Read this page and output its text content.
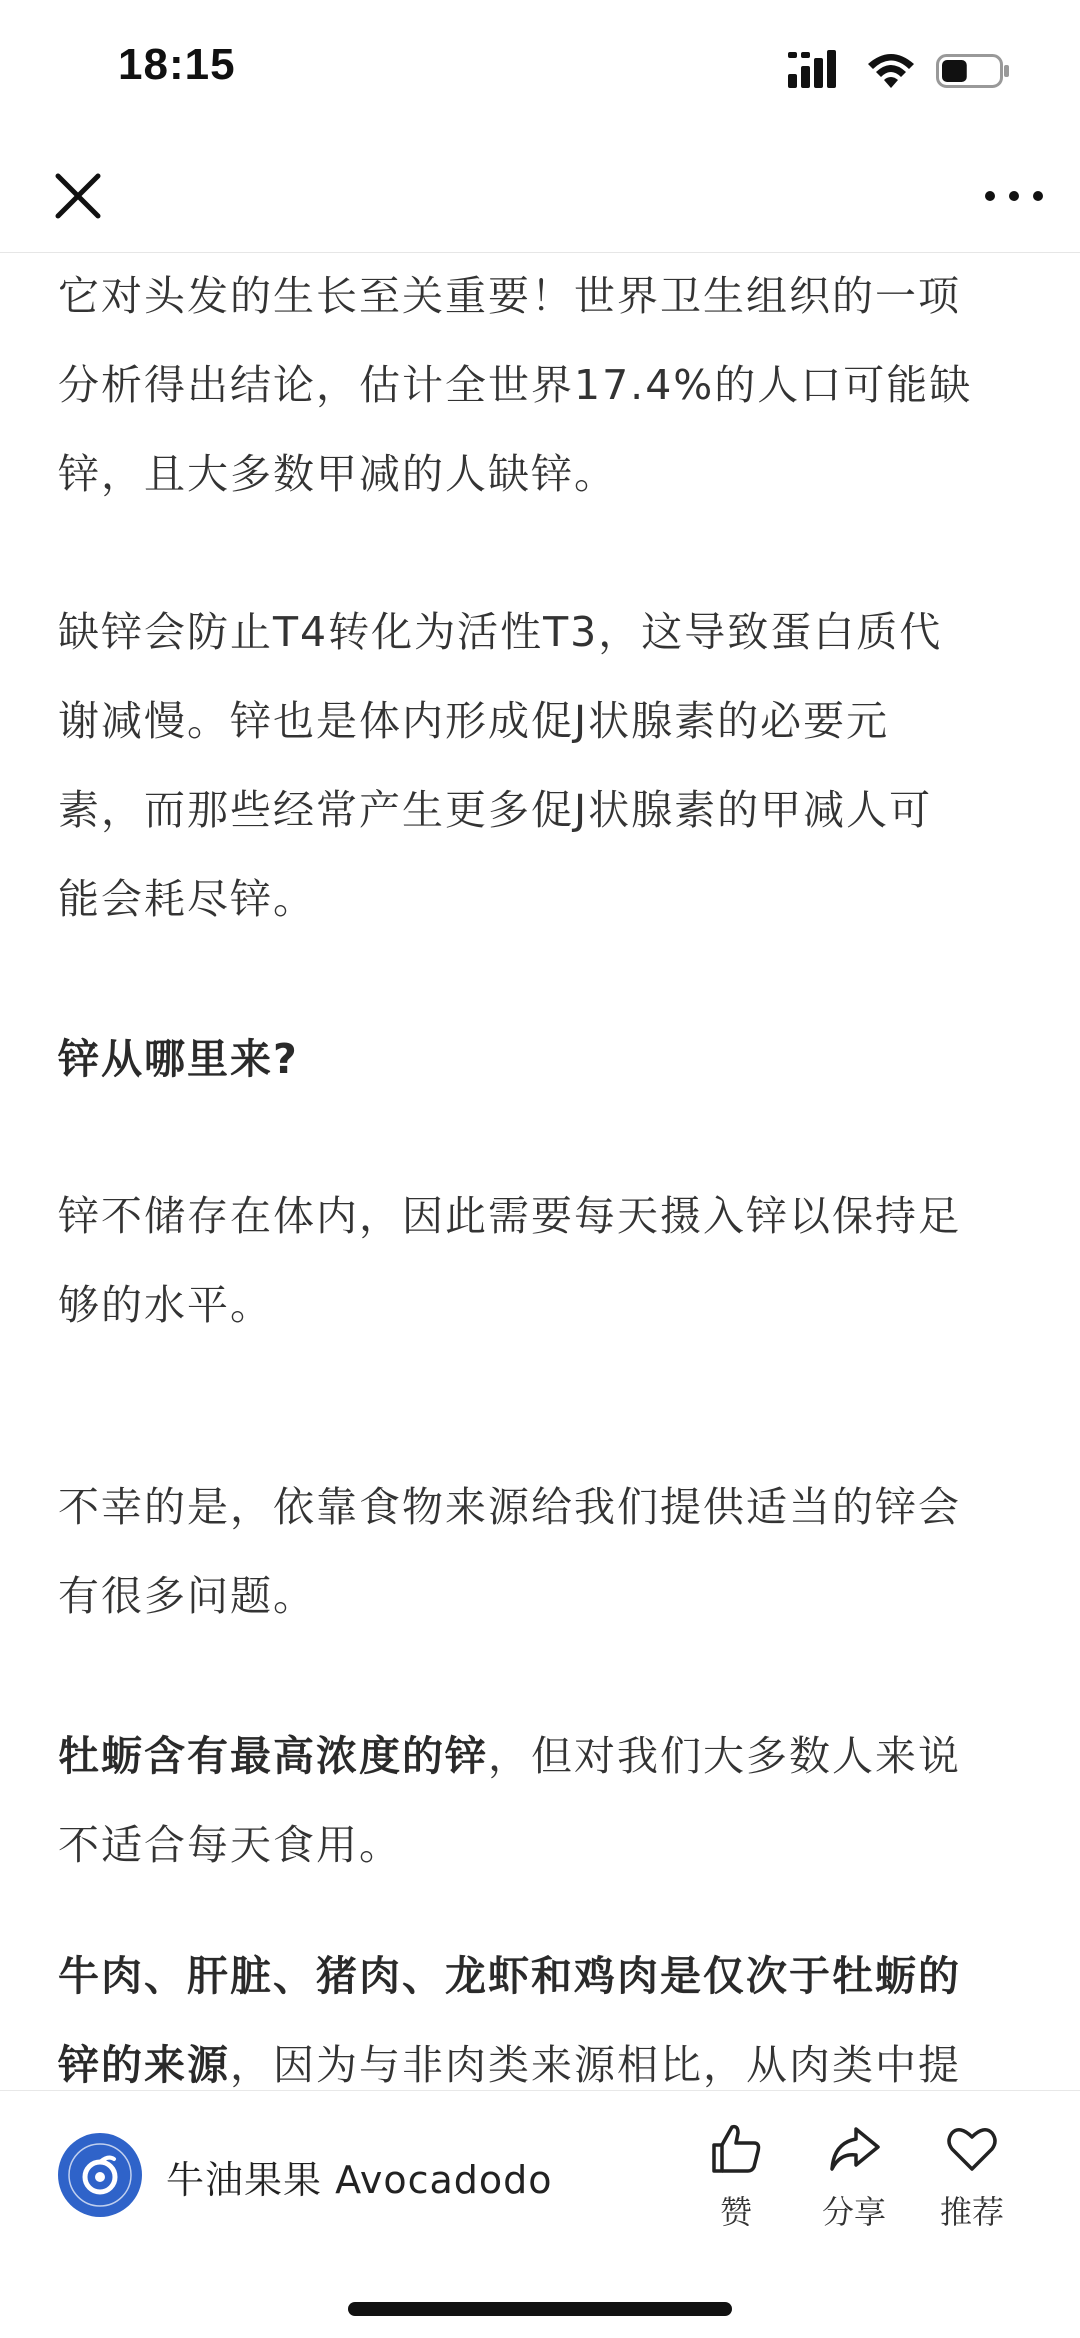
18:15
它对头发的生长至关重要！世界卫生组织的一项
分析得出结论，估计全世界17.4%的人口可能缺
锌，且大多数甲减的人缺锌。
缺锌会防止T4转化为活性T3，这导致蛋白质代
谢减慢。锌也是体内形成促J状腺素的必要元
素，而那些经常产生更多促J状腺素的甲减人可
能会耗尽锌。
锌从哪里来?
锌不储存在体内，因此需要每天摄入锌以保持足
够的水平。
不幸的是，依靠食物来源给我们提供适当的锌会
有很多问题。
牡蛎含有最高浓度的锌，但对我们大多数人来说
不适合每天食用。
牛肉、肝脏、猪肉、龙虾和鸡肉是仅次于牡蛎的
锌的来源，因为与非肉类来源相比，从肉类中提
牛油果果 Avocadodo
赞	分享	推荐
